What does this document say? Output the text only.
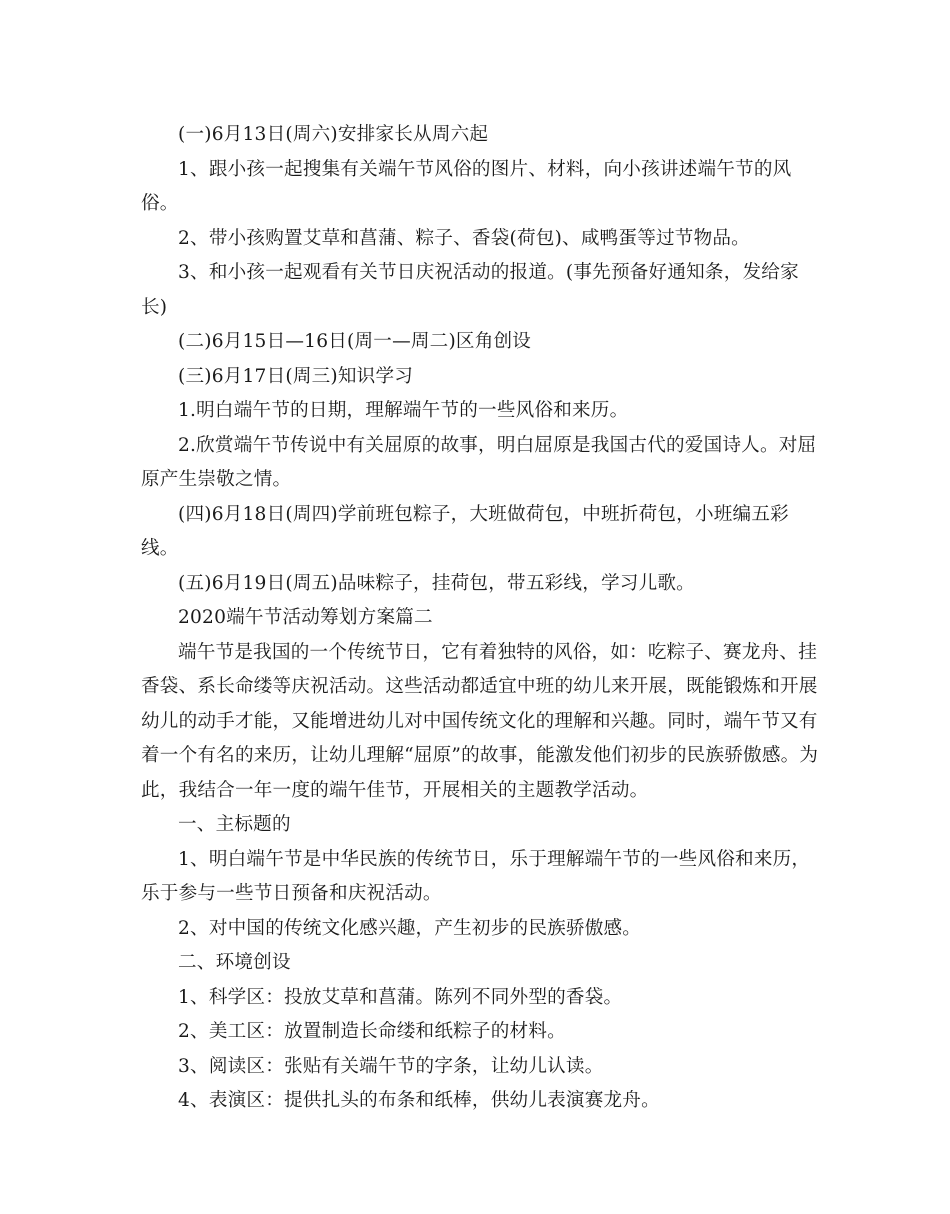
(一)6月13日(周六)安排家长从周六起

1、跟小孩一起搜集有关端午节风俗的图片、材料，向小孩讲述端午节的风俗。

2、带小孩购置艾草和菖蒲、粽子、香袋(荷包)、咸鸭蛋等过节物品。

3、和小孩一起观看有关节日庆祝活动的报道。(事先预备好通知条，发给家长)

(二)6月15日—16日(周一—周二)区角创设

(三)6月17日(周三)知识学习

1.明白端午节的日期，理解端午节的一些风俗和来历。

2.欣赏端午节传说中有关屈原的故事，明白屈原是我国古代的爱国诗人。对屈原产生崇敬之情。

(四)6月18日(周四)学前班包粽子，大班做荷包，中班折荷包，小班编五彩线。

(五)6月19日(周五)品味粽子，挂荷包，带五彩线，学习儿歌。

2020端午节活动筹划方案篇二

端午节是我国的一个传统节日，它有着独特的风俗，如：吃粽子、赛龙舟、挂香袋、系长命缕等庆祝活动。这些活动都适宜中班的幼儿来开展，既能锻炼和开展幼儿的动手才能，又能增进幼儿对中国传统文化的理解和兴趣。同时，端午节又有着一个有名的来历，让幼儿理解“屈原”的故事，能激发他们初步的民族骄傲感。为此，我结合一年一度的端午佳节，开展相关的主题教学活动。

一、主标题的

1、明白端午节是中华民族的传统节日，乐于理解端午节的一些风俗和来历，乐于参与一些节日预备和庆祝活动。

2、对中国的传统文化感兴趣，产生初步的民族骄傲感。

二、环境创设

1、科学区：投放艾草和菖蒲。陈列不同外型的香袋。

2、美工区：放置制造长命缕和纸粽子的材料。

3、阅读区：张贴有关端午节的字条，让幼儿认读。

4、表演区：提供扎头的布条和纸棒，供幼儿表演赛龙舟。
